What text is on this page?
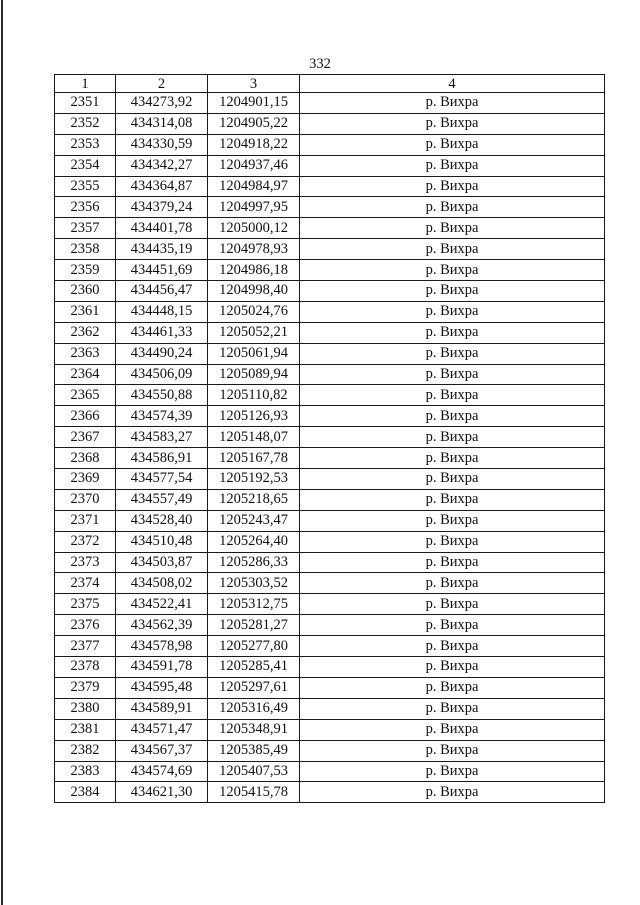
332
1	2	3	4
2351	434273,92	1204901,15	р. Вихра
2352	434314,08	1204905,22	р. Вихра
2353	434330,59	1204918,22	р. Вихра
2354	434342,27	1204937,46	р. Вихра
2355	434364,87	1204984,97	р. Вихра
2356	434379,24	1204997,95	р. Вихра
2357	434401,78	1205000,12	р. Вихра
2358	434435,19	1204978,93	р. Вихра
2359	434451,69	1204986,18	р. Вихра
2360	434456,47	1204998,40	р. Вихра
2361	434448,15	1205024,76	р. Вихра
2362	434461,33	1205052,21	р. Вихра
2363	434490,24	1205061,94	р. Вихра
2364	434506,09	1205089,94	р. Вихра
2365	434550,88	1205110,82	р. Вихра
2366	434574,39	1205126,93	р. Вихра
2367	434583,27	1205148,07	р. Вихра
2368	434586,91	1205167,78	р. Вихра
2369	434577,54	1205192,53	р. Вихра
2370	434557,49	1205218,65	р. Вихра
2371	434528,40	1205243,47	р. Вихра
2372	434510,48	1205264,40	р. Вихра
2373	434503,87	1205286,33	р. Вихра
2374	434508,02	1205303,52	р. Вихра
2375	434522,41	1205312,75	р. Вихра
2376	434562,39	1205281,27	р. Вихра
2377	434578,98	1205277,80	р. Вихра
2378	434591,78	1205285,41	р. Вихра
2379	434595,48	1205297,61	р. Вихра
2380	434589,91	1205316,49	р. Вихра
2381	434571,47	1205348,91	р. Вихра
2382	434567,37	1205385,49	р. Вихра
2383	434574,69	1205407,53	р. Вихра
2384	434621,30	1205415,78	р. Вихра
